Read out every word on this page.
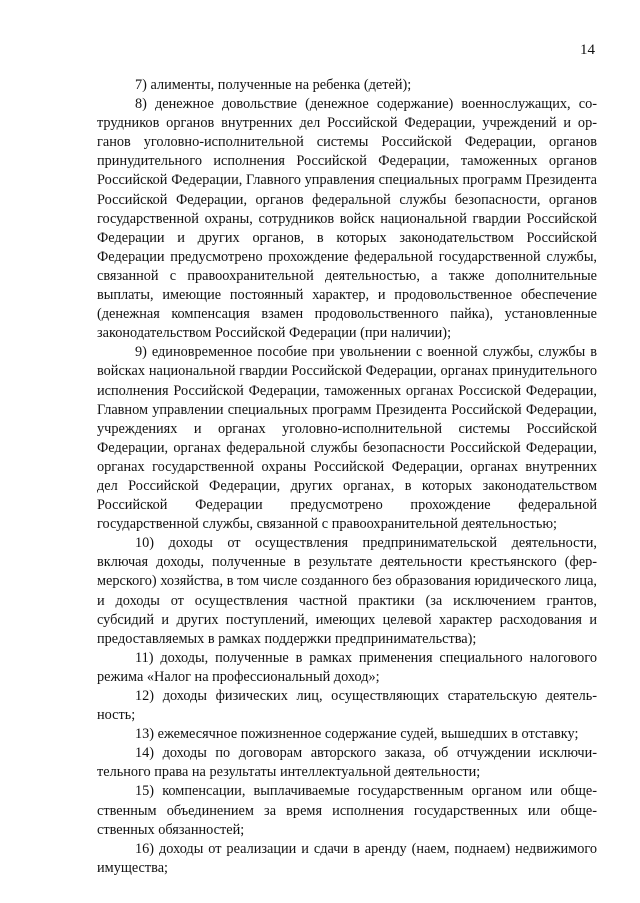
14

7) алименты, полученные на ребенка (детей);

8) денежное довольствие (денежное содержание) военнослужащих, сотрудников органов внутренних дел Российской Федерации, учреждений и органов уголовно-исполнительной системы Российской Федерации, органов принудительного исполнения Российской Федерации, таможенных органов Российской Федерации, Главного управления специальных программ Президента Российской Федерации, органов федеральной службы безопасности, органов государственной охраны, сотрудников войск национальной гвардии Российской Федерации и других органов, в которых законодательством Российской Федерации предусмотрено прохождение федеральной государственной службы, связанной с правоохранительной деятельностью, а также дополнительные выплаты, имеющие постоянный характер, и продовольственное обеспечение (денежная компенсация взамен продовольственного пайка), установленные законодательством Российской Федерации (при наличии);

9) единовременное пособие при увольнении с военной службы, службы в войсках национальной гвардии Российской Федерации, органах принудительного исполнения Российской Федерации, таможенных органах Россиской Федерации, Главном управлении специальных программ Президента Российской Федерации, учреждениях и органах уголовно-исполнительной системы Российской Федерации, органах федеральной службы безопасности Российской Федерации, органах государственной охраны Российской Федерации, органах внутренних дел Российской Федерации, других органах, в которых законодательством Российской Федерации предусмотрено прохождение федеральной государственной службы, связанной с правоохранительной деятельностью;

10) доходы от осуществления предпринимательской деятельности, включая доходы, полученные в результате деятельности крестьянского (фермерского) хозяйства, в том числе созданного без образования юридического лица, и доходы от осуществления частной практики (за исключением грантов, субсидий и других поступлений, имеющих целевой характер расходования и предоставляемых в рамках поддержки предпринимательства);

11) доходы, полученные в рамках применения специального налогового режима «Налог на профессиональный доход»;

12) доходы физических лиц, осуществляющих старательскую деятельность;

13) ежемесячное пожизненное содержание судей, вышедших в отставку;

14) доходы по договорам авторского заказа, об отчуждении исключительного права на результаты интеллектуальной деятельности;

15) компенсации, выплачиваемые государственным органом или общественным объединением за время исполнения государственных или общественных обязанностей;

16) доходы от реализации и сдачи в аренду (наем, поднаем) недвижимого имущества;
